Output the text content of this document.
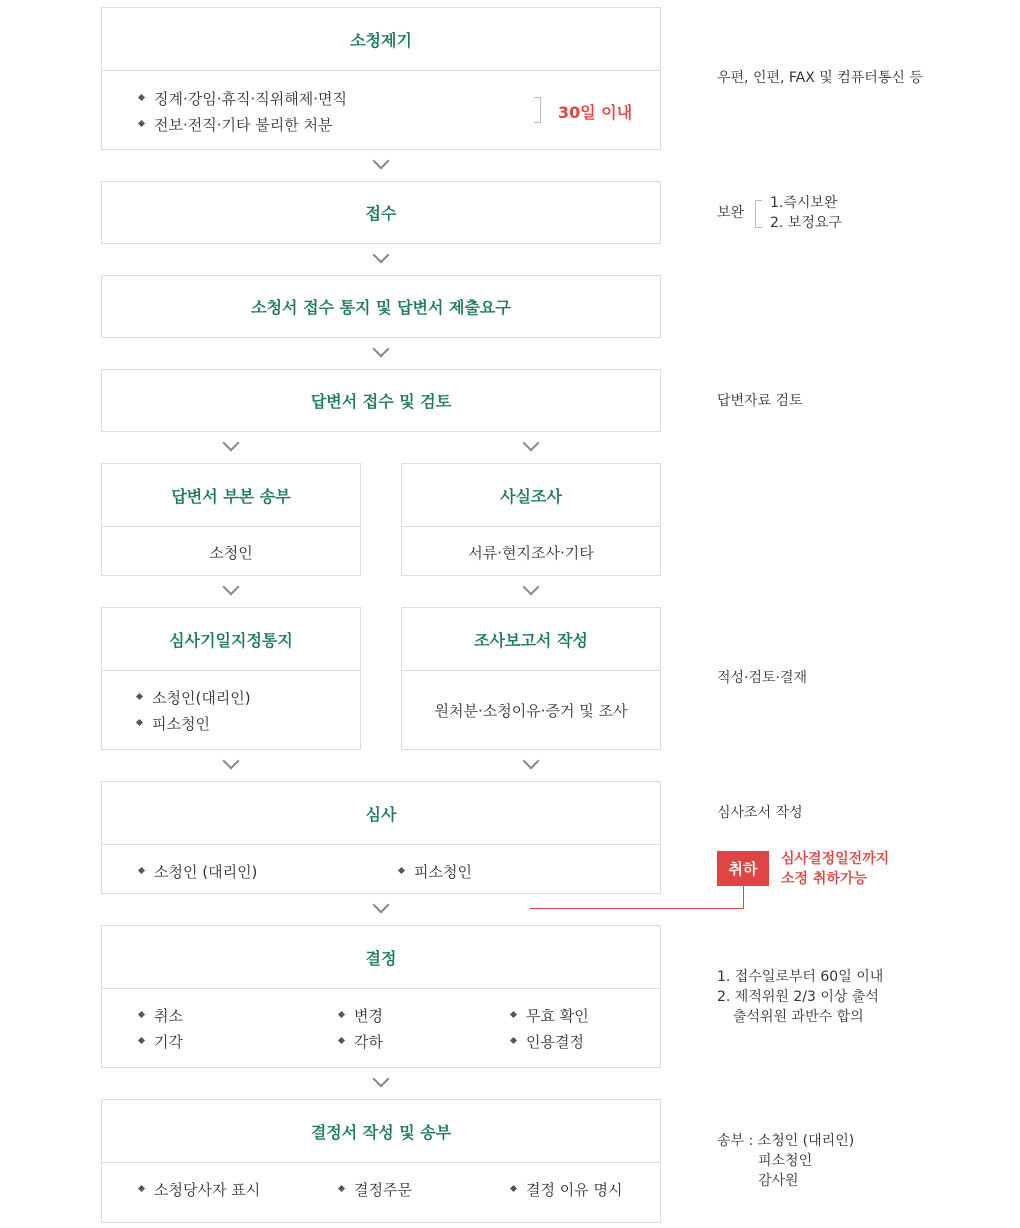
소청제기
징계·강임·휴직·직위해제·면직
전보·전직·기타 불리한 처분
30일 이내
우편, 인편, FAX 및 컴퓨터통신 등
접수	보완
1.즉시보완
2. 보정요구
소청서 접수 통지 및 답변서 제출요구
답변서 접수 및 검토	답변자료 검토
답변서 부본 송부
소청인
사실조사
서류·현지조사·기타
심사기일지정통지
소청인(대리인)
피소청인
조사보고서 작성
원처분·소청이유·증거 및 조사
적성·검토·결재
심사
소청인 (대리인)	피소청인
심사조서 작성
취하
심사결정일전까지
소정 취하가능
결정
취소
기각
변경
각하
무효 확인
인용결정
1. 접수일로부터 60일 이내
2. 제적위원 2/3 이상 출석
출석위원 과반수 합의
결정서 작성 및 송부
소청당사자 표시	결정주문	결정 이유 명시
송부 : 소청인 (대리인)
피소청인
감사원
